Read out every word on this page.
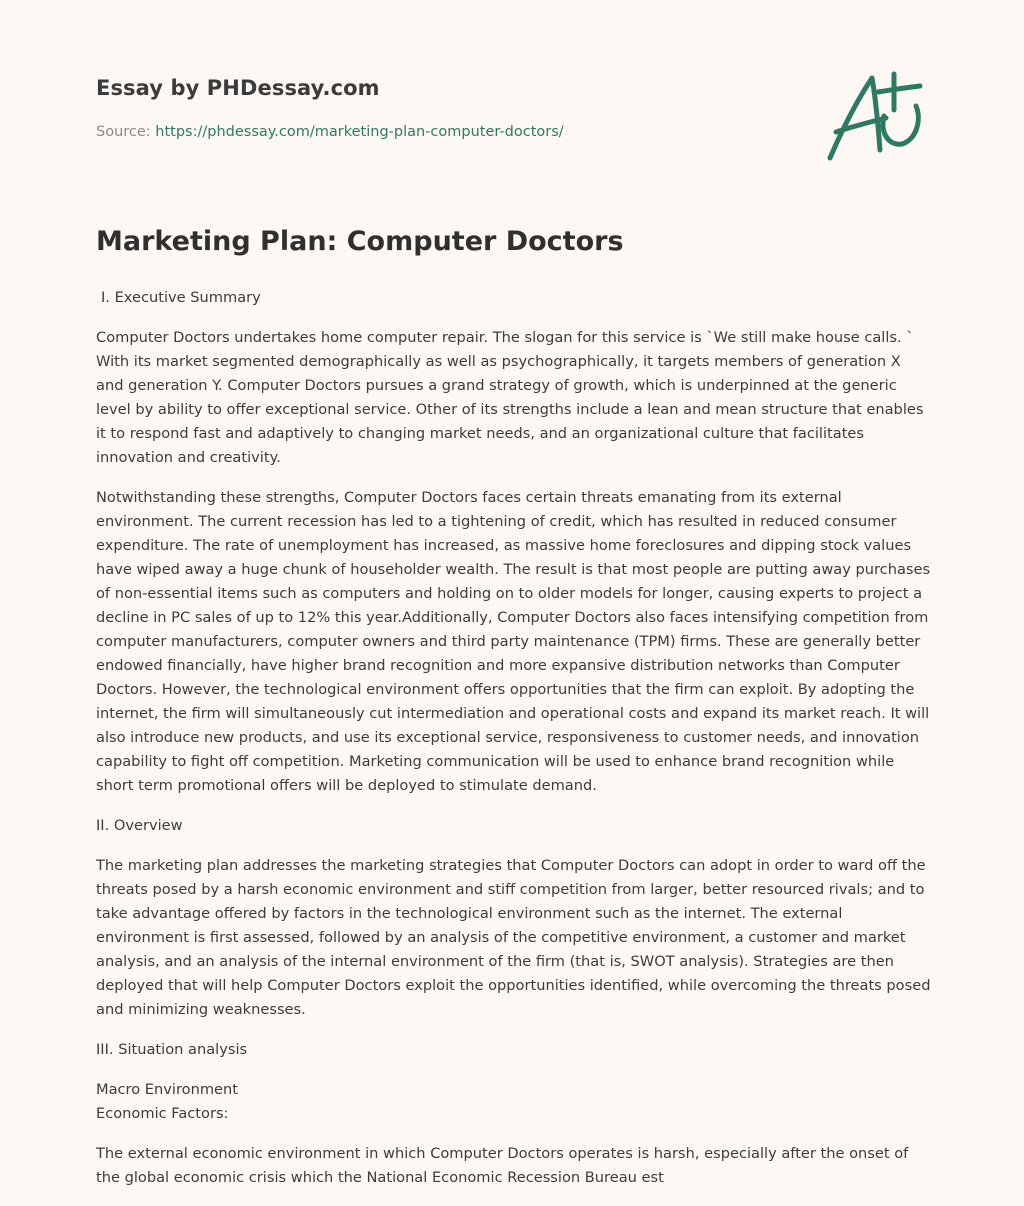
Essay by PHDessay.com
Source: https://phdessay.com/marketing-plan-computer-doctors/
Marketing Plan: Computer Doctors

I. Executive Summary

Computer Doctors undertakes home computer repair. The slogan for this service is `We still make house calls. ` With its market segmented demographically as well as psychographically, it targets members of generation X and generation Y. Computer Doctors pursues a grand strategy of growth, which is underpinned at the generic level by ability to offer exceptional service. Other of its strengths include a lean and mean structure that enables it to respond fast and adaptively to changing market needs, and an organizational culture that facilitates innovation and creativity.

Notwithstanding these strengths, Computer Doctors faces certain threats emanating from its external environment. The current recession has led to a tightening of credit, which has resulted in reduced consumer expenditure. The rate of unemployment has increased, as massive home foreclosures and dipping stock values have wiped away a huge chunk of householder wealth. The result is that most people are putting away purchases of non-essential items such as computers and holding on to older models for longer, causing experts to project a decline in PC sales of up to 12% this year.Additionally, Computer Doctors also faces intensifying competition from computer manufacturers, computer owners and third party maintenance (TPM) firms. These are generally better endowed financially, have higher brand recognition and more expansive distribution networks than Computer Doctors. However, the technological environment offers opportunities that the firm can exploit. By adopting the internet, the firm will simultaneously cut intermediation and operational costs and expand its market reach. It will also introduce new products, and use its exceptional service, responsiveness to customer needs, and innovation capability to fight off competition. Marketing communication will be used to enhance brand recognition while short term promotional offers will be deployed to stimulate demand.

II. Overview

The marketing plan addresses the marketing strategies that Computer Doctors can adopt in order to ward off the threats posed by a harsh economic environment and stiff competition from larger, better resourced rivals; and to take advantage offered by factors in the technological environment such as the internet. The external environment is first assessed, followed by an analysis of the competitive environment, a customer and market analysis, and an analysis of the internal environment of the firm (that is, SWOT analysis). Strategies are then deployed that will help Computer Doctors exploit the opportunities identified, while overcoming the threats posed and minimizing weaknesses.

III. Situation analysis

Macro Environment
Economic Factors:

The external economic environment in which Computer Doctors operates is harsh, especially after the onset of the global economic crisis which the National Economic Recession Bureau est
